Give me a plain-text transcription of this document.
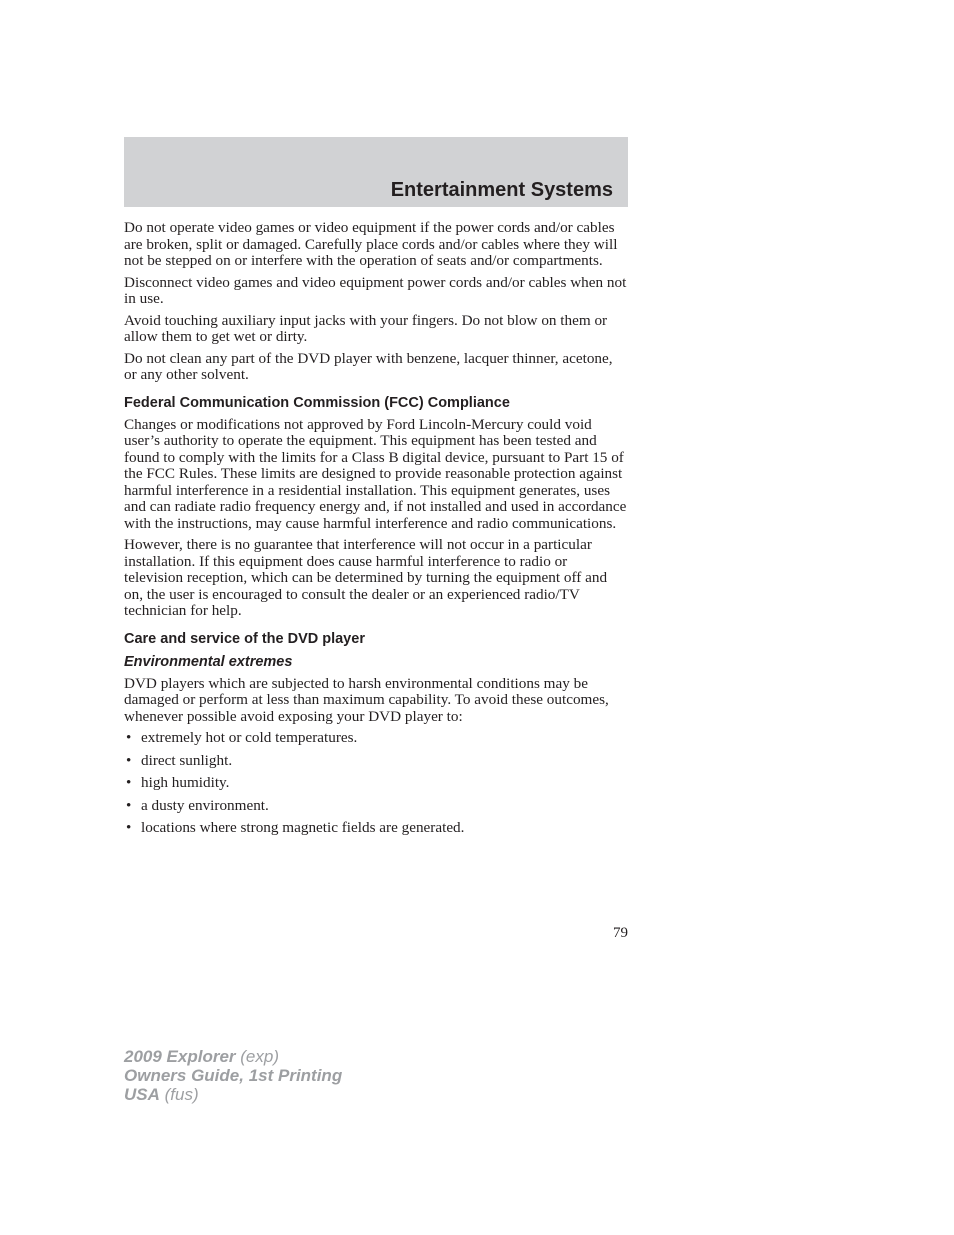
Entertainment Systems

Do not operate video games or video equipment if the power cords and/or cables are broken, split or damaged. Carefully place cords and/or cables where they will not be stepped on or interfere with the operation of seats and/or compartments.

Disconnect video games and video equipment power cords and/or cables when not in use.

Avoid touching auxiliary input jacks with your fingers. Do not blow on them or allow them to get wet or dirty.

Do not clean any part of the DVD player with benzene, lacquer thinner, acetone, or any other solvent.

Federal Communication Commission (FCC) Compliance

Changes or modifications not approved by Ford Lincoln-Mercury could void user’s authority to operate the equipment. This equipment has been tested and found to comply with the limits for a Class B digital device, pursuant to Part 15 of the FCC Rules. These limits are designed to provide reasonable protection against harmful interference in a residential installation. This equipment generates, uses and can radiate radio frequency energy and, if not installed and used in accordance with the instructions, may cause harmful interference and radio communications.

However, there is no guarantee that interference will not occur in a particular installation. If this equipment does cause harmful interference to radio or television reception, which can be determined by turning the equipment off and on, the user is encouraged to consult the dealer or an experienced radio/TV technician for help.

Care and service of the DVD player
Environmental extremes

DVD players which are subjected to harsh environmental conditions may be damaged or perform at less than maximum capability. To avoid these outcomes, whenever possible avoid exposing your DVD player to:

• extremely hot or cold temperatures.
• direct sunlight.
• high humidity.
• a dusty environment.
• locations where strong magnetic fields are generated.
79
2009 Explorer (exp)
Owners Guide, 1st Printing
USA (fus)
